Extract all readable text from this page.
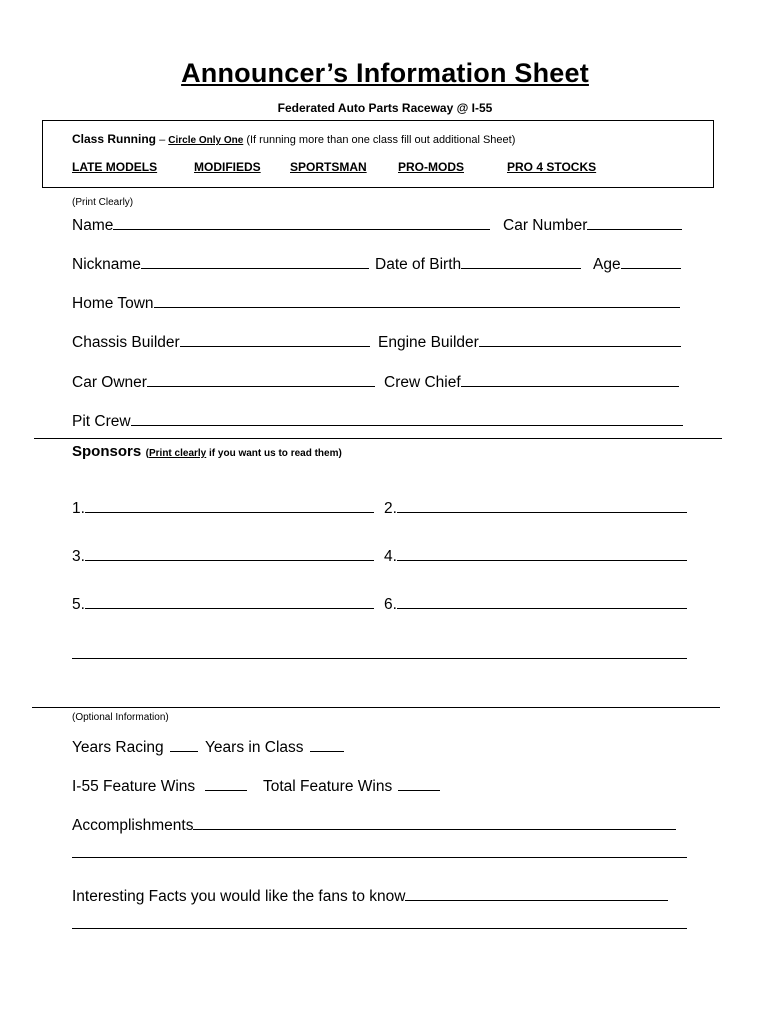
Announcer’s Information Sheet
Federated Auto Parts Raceway @ I-55
Class Running – Circle Only One (If running more than one class fill out additional Sheet)
LATE MODELS	MODIFIEDS SPORTSMAN	PRO-MODS	PRO 4 STOCKS
(Print Clearly)
Name	Car Number
Nickname	Date of Birth	Age
Home Town
Chassis Builder	Engine Builder
Car Owner	Crew Chief
Pit Crew
Sponsors (Print clearly if you want us to read them)
1.	2.
3.	4.
5.	6.
(Optional Information)
Years Racing	Years in Class
I-55 Feature Wins	Total Feature Wins
Accomplishments
Interesting Facts you would like the fans to know
